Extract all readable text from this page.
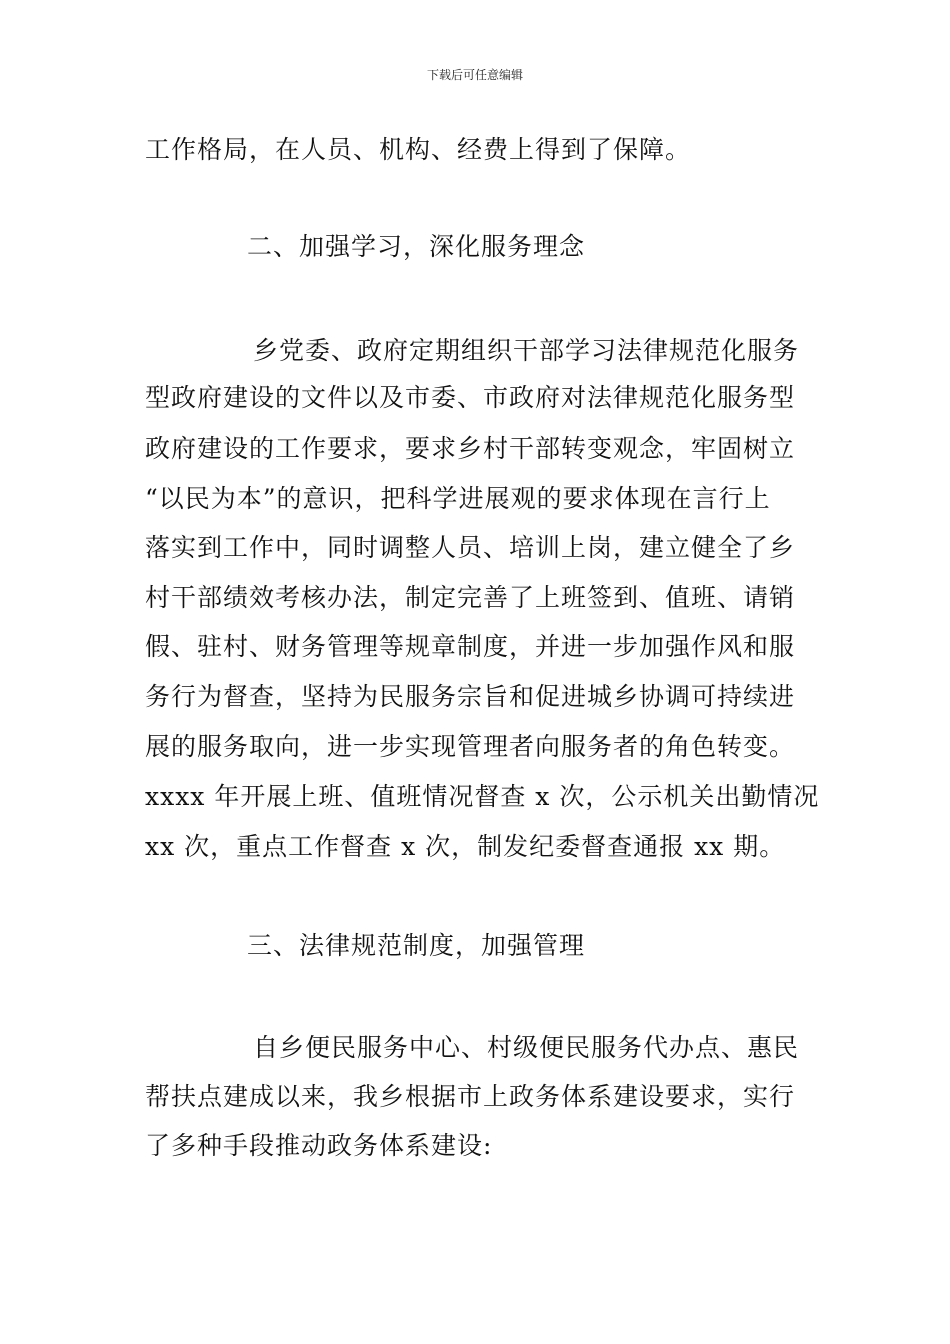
下载后可任意编辑
工作格局，在人员、机构、经费上得到了保障。
二、加强学习，深化服务理念
乡党委、政府定期组织干部学习法律规范化服务
型政府建设的文件以及市委、市政府对法律规范化服务型
政府建设的工作要求，要求乡村干部转变观念，牢固树立
“以民为本”的意识，把科学进展观的要求体现在言行上
落实到工作中，同时调整人员、培训上岗，建立健全了乡
村干部绩效考核办法，制定完善了上班签到、值班、请销
假、驻村、财务管理等规章制度，并进一步加强作风和服
务行为督查，坚持为民服务宗旨和促进城乡协调可持续进
展的服务取向，进一步实现管理者向服务者的角色转变。
xxxx 年开展上班、值班情况督查 x 次，公示机关出勤情况
xx 次，重点工作督查 x 次，制发纪委督查通报 xx 期。
三、法律规范制度，加强管理
自乡便民服务中心、村级便民服务代办点、惠民
帮扶点建成以来，我乡根据市上政务体系建设要求，实行
了多种手段推动政务体系建设:
